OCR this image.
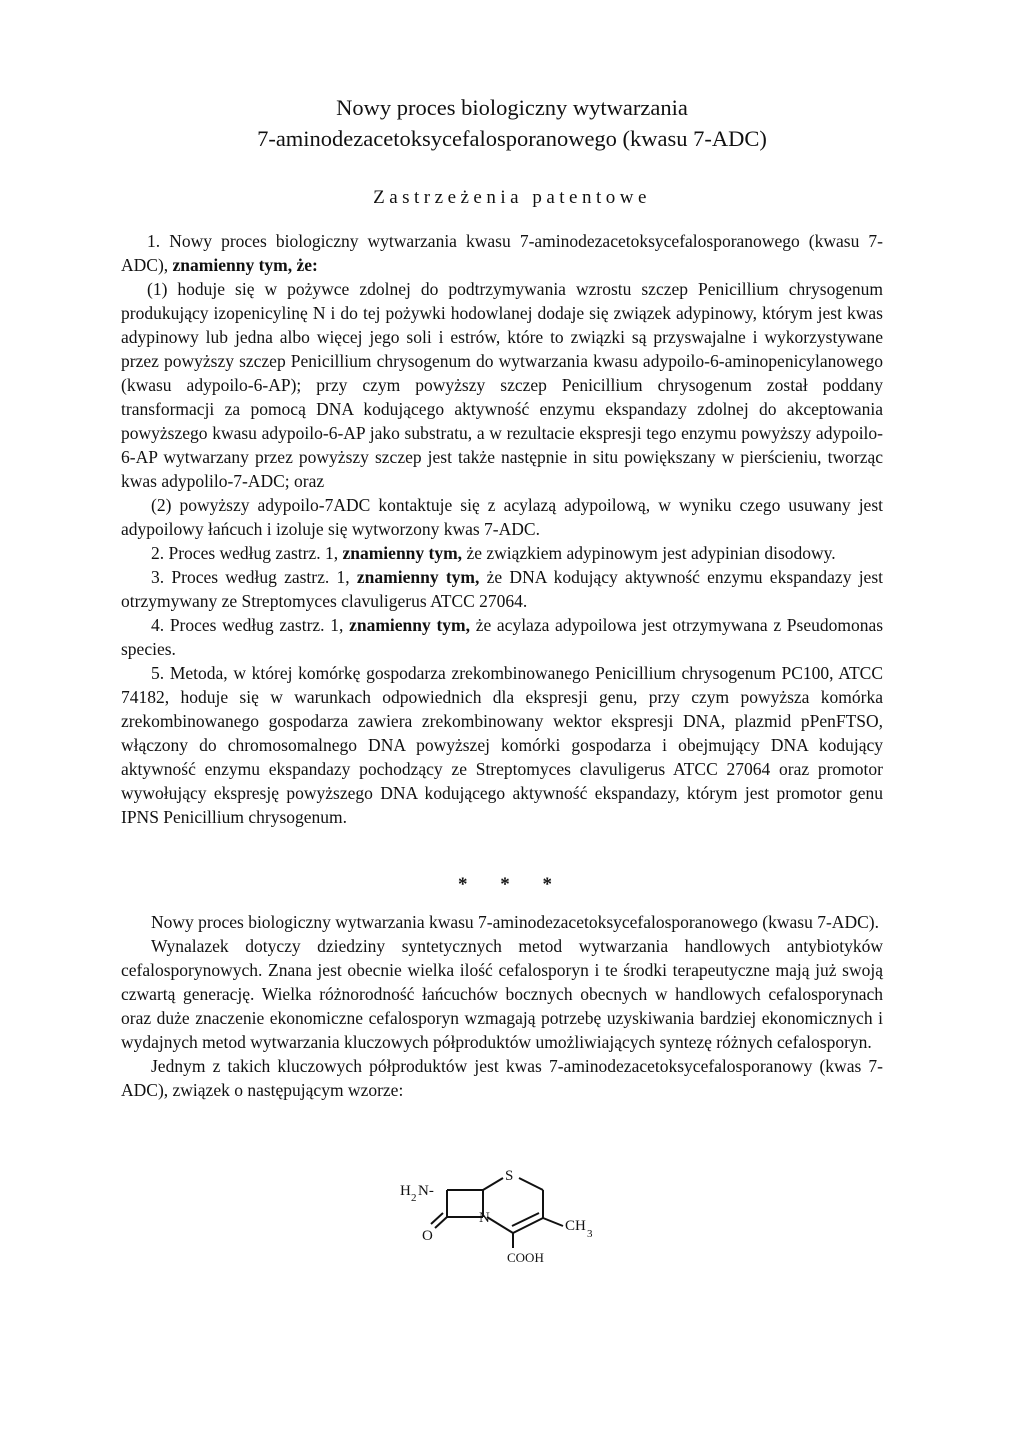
Nowy proces biologiczny wytwarzania
7-aminodezacetoksycefalosporanowego (kwasu 7-ADC)
Zastrzeżenia patentowe

1. Nowy proces biologiczny wytwarzania kwasu 7-aminodezacetoksycefalosporanowego (kwasu 7-ADC), znamienny tym, że:

(1) hoduje się w pożywce zdolnej do podtrzymywania wzrostu szczep Penicillium chrysogenum produkujący izopenicylinę N i do tej pożywki hodowlanej dodaje się związek adypinowy, którym jest kwas adypinowy lub jedna albo więcej jego soli i estrów, które to związki są przyswajalne i wykorzystywane przez powyższy szczep Penicillium chrysogenum do wytwarzania kwasu adypoilo-6-aminopenicylanowego (kwasu adypoilo-6-AP); przy czym powyższy szczep Penicillium chrysogenum został poddany transformacji za pomocą DNA kodującego aktywność enzymu ekspandazy zdolnej do akceptowania powyższego kwasu adypoilo-6-AP jako substratu, a w rezultacie ekspresji tego enzymu powyższy adypoilo-6-AP wytwarzany przez powyższy szczep jest także następnie in situ powiększany w pierścieniu, tworząc kwas adypolilo-7-ADC; oraz

(2) powyższy adypoilo-7ADC kontaktuje się z acylazą adypoilową, w wyniku czego usuwany jest adypoilowy łańcuch i izoluje się wytworzony kwas 7-ADC.

2. Proces według zastrz. 1, znamienny tym, że związkiem adypinowym jest adypinian disodowy.

3. Proces według zastrz. 1, znamienny tym, że DNA kodujący aktywność enzymu ekspandazy jest otrzymywany ze Streptomyces clavuligerus ATCC 27064.

4. Proces według zastrz. 1, znamienny tym, że acylaza adypoilowa jest otrzymywana z Pseudomonas species.

5. Metoda, w której komórkę gospodarza zrekombinowanego Penicillium chrysogenum PC100, ATCC 74182, hoduje się w warunkach odpowiednich dla ekspresji genu, przy czym powyższa komórka zrekombinowanego gospodarza zawiera zrekombinowany wektor ekspresji DNA, plazmid pPenFTSO, włączony do chromosomalnego DNA powyższej komórki gospodarza i obejmujący DNA kodujący aktywność enzymu ekspandazy pochodzący ze Streptomyces clavuligerus ATCC 27064 oraz promotor wywołujący ekspresję powyższego DNA kodującego aktywność ekspandazy, którym jest promotor genu IPNS Penicillium chrysogenum.

* * *

Nowy proces biologiczny wytwarzania kwasu 7-aminodezacetoksycefalosporanowego (kwasu 7-ADC).

Wynalazek dotyczy dziedziny syntetycznych metod wytwarzania handlowych antybiotyków cefalosporynowych. Znana jest obecnie wielka ilość cefalosporyn i te środki terapeutyczne mają już swoją czwartą generację. Wielka różnorodność łańcuchów bocznych obecnych w handlowych cefalosporynach oraz duże znaczenie ekonomiczne cefalosporyn wzmagają potrzebę uzyskiwania bardziej ekonomicznych i wydajnych metod wytwarzania kluczowych półproduktów umożliwiających syntezę różnych cefalosporyn.

Jednym z takich kluczowych półproduktów jest kwas 7-aminodezacetoksycefalosporanowy (kwas 7-ADC), związek o następującym wzorze:

H 2 N-
O
S
N	CH 3
COOH
